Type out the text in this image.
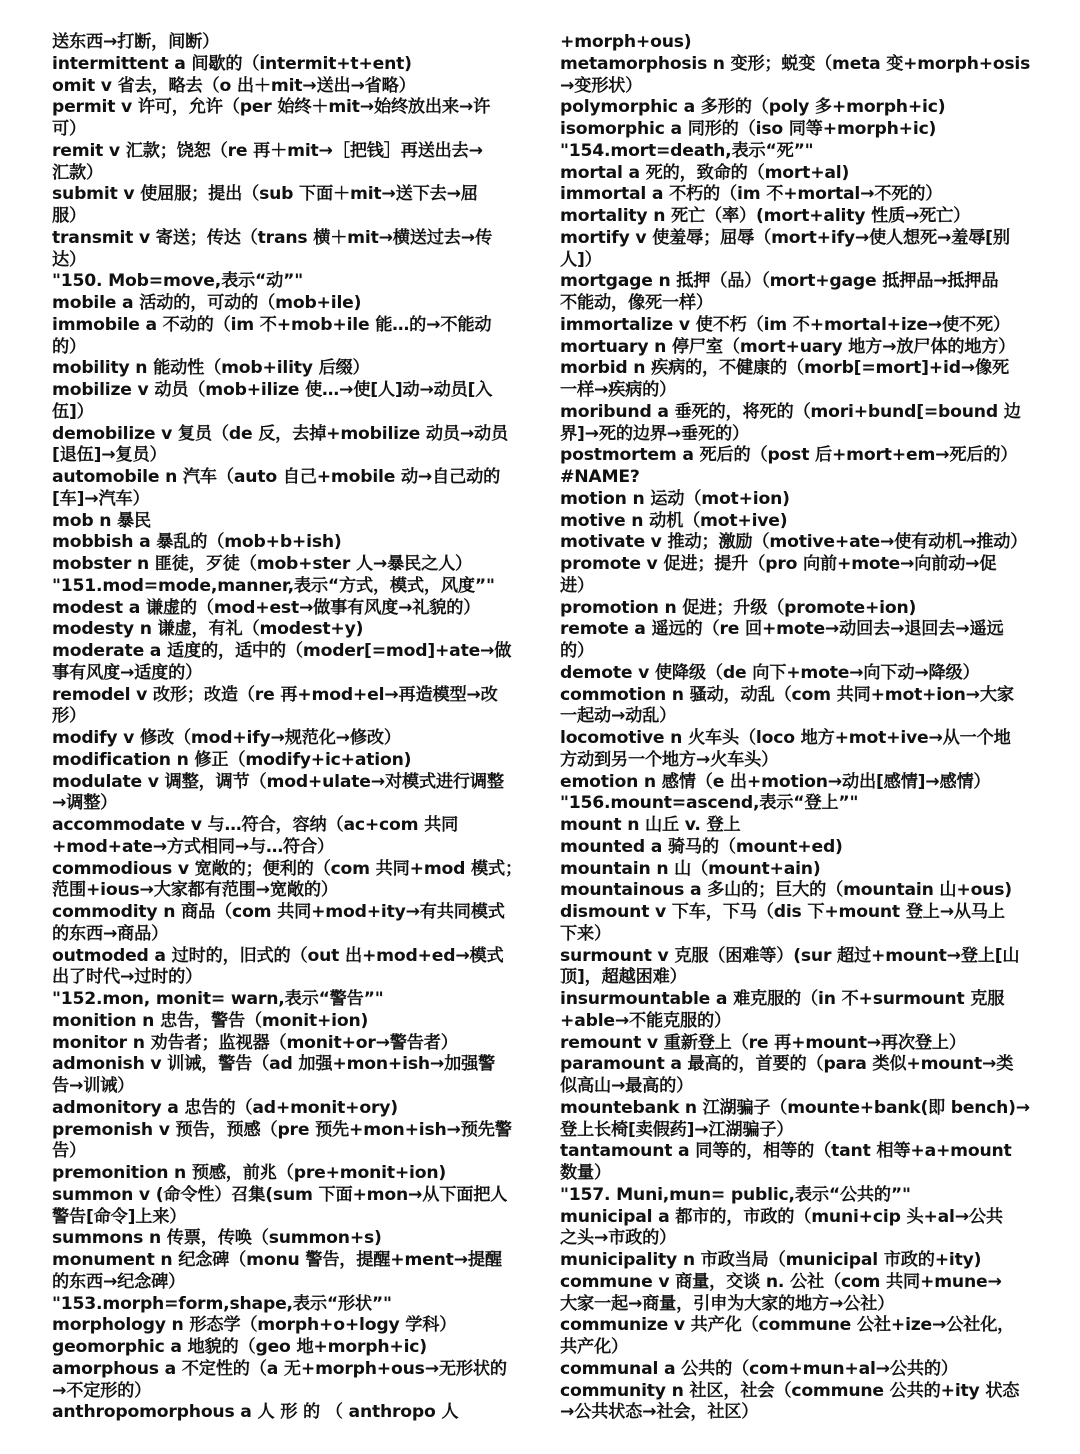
送东西→打断，间断）
intermittent a 间歇的（intermit+t+ent)
omit v 省去，略去（o 出＋mit→送出→省略）
permit v 许可，允许（per 始终＋mit→始终放出来→许
可）
remit v 汇款；饶恕（re 再＋mit→［把钱］再送出去→
汇款）
submit v 使屈服；提出（sub 下面＋mit→送下去→屈
服）
transmit v 寄送；传达（trans 横＋mit→横送过去→传
达）
"150. Mob=move,表示“动”"
mobile a 活动的，可动的（mob+ile)
immobile a 不动的（im 不+mob+ile 能…的→不能动
的）
mobility n 能动性（mob+ility 后缀）
mobilize v 动员（mob+ilize 使…→使[人]动→动员[入
伍]）
demobilize v 复员（de 反，去掉+mobilize 动员→动员
[退伍]→复员）
automobile n 汽车（auto 自己+mobile 动→自己动的
[车]→汽车）
mob n 暴民
mobbish a 暴乱的（mob+b+ish)
mobster n 匪徒，歹徒（mob+ster 人→暴民之人）
"151.mod=mode,manner,表示“方式，模式，风度”"
modest a 谦虚的（mod+est→做事有风度→礼貌的）
modesty n 谦虚，有礼（modest+y)
moderate a 适度的，适中的（moder[=mod]+ate→做
事有风度→适度的）
remodel v 改形；改造（re 再+mod+el→再造模型→改
形）
modify v 修改（mod+ify→规范化→修改）
modification n 修正（modify+ic+ation)
modulate v 调整，调节（mod+ulate→对模式进行调整
→调整）
accommodate v 与…符合，容纳（ac+com 共同
+mod+ate→方式相同→与…符合）
commodious v 宽敞的；便利的（com 共同+mod 模式；
范围+ious→大家都有范围→宽敞的）
commodity n 商品（com 共同+mod+ity→有共同模式
的东西→商品）
outmoded a 过时的，旧式的（out 出+mod+ed→模式
出了时代→过时的）
"152.mon, monit= warn,表示“警告”"
monition n 忠告，警告（monit+ion)
monitor n 劝告者；监视器（monit+or→警告者）
admonish v 训诫，警告（ad 加强+mon+ish→加强警
告→训诫）
admonitory a 忠告的（ad+monit+ory)
premonish v 预告，预感（pre 预先+mon+ish→预先警
告）
premonition n 预感，前兆（pre+monit+ion)
summon v (命令性）召集(sum 下面+mon→从下面把人
警告[命令]上来）
summons n 传票，传唤（summon+s)
monument n 纪念碑（monu 警告，提醒+ment→提醒
的东西→纪念碑）
"153.morph=form,shape,表示“形状”"
morphology n 形态学（morph+o+logy 学科）
geomorphic a 地貌的（geo 地+morph+ic)
amorphous a 不定性的（a 无+morph+ous→无形状的
→不定形的）
anthropomorphous a 人 形 的 （ anthropo 人
+morph+ous)
metamorphosis n 变形；蜕变（meta 变+morph+osis
→变形状）
polymorphic a 多形的（poly 多+morph+ic)
isomorphic a 同形的（iso 同等+morph+ic)
"154.mort=death,表示“死”"
mortal a 死的，致命的（mort+al)
immortal a 不朽的（im 不+mortal→不死的）
mortality n 死亡（率）(mort+ality 性质→死亡）
mortify v 使羞辱；屈辱（mort+ify→使人想死→羞辱[别
人]）
mortgage n 抵押（品）（mort+gage 抵押品→抵押品
不能动，像死一样）
immortalize v 使不朽（im 不+mortal+ize→使不死）
mortuary n 停尸室（mort+uary 地方→放尸体的地方）
morbid n 疾病的，不健康的（morb[=mort]+id→像死
一样→疾病的）
moribund a 垂死的，将死的（mori+bund[=bound 边
界]→死的边界→垂死的）
postmortem a 死后的（post 后+mort+em→死后的）
#NAME?
motion n 运动（mot+ion)
motive n 动机（mot+ive)
motivate v 推动；激励（motive+ate→使有动机→推动）
promote v 促进；提升（pro 向前+mote→向前动→促
进）
promotion n 促进；升级（promote+ion)
remote a 遥远的（re 回+mote→动回去→退回去→遥远
的）
demote v 使降级（de 向下+mote→向下动→降级）
commotion n 骚动，动乱（com 共同+mot+ion→大家
一起动→动乱）
locomotive n 火车头（loco 地方+mot+ive→从一个地
方动到另一个地方→火车头）
emotion n 感情（e 出+motion→动出[感情]→感情）
"156.mount=ascend,表示“登上”"
mount n 山丘 v. 登上
mounted a 骑马的（mount+ed)
mountain n 山（mount+ain)
mountainous a 多山的；巨大的（mountain 山+ous)
dismount v 下车，下马（dis 下+mount 登上→从马上
下来）
surmount v 克服（困难等）(sur 超过+mount→登上[山
顶]，超越困难）
insurmountable a 难克服的（in 不+surmount 克服
+able→不能克服的）
remount v 重新登上（re 再+mount→再次登上）
paramount a 最高的，首要的（para 类似+mount→类
似高山→最高的）
mountebank n 江湖骗子（mounte+bank(即 bench)→
登上长椅[卖假药]→江湖骗子）
tantamount a 同等的，相等的（tant 相等+a+mount
数量）
"157. Muni,mun= public,表示“公共的”"
municipal a 都市的，市政的（muni+cip 头+al→公共
之头→市政的）
municipality n 市政当局（municipal 市政的+ity)
commune v 商量，交谈 n. 公社（com 共同+mune→
大家一起→商量，引申为大家的地方→公社）
communize v 共产化（commune 公社+ize→公社化，
共产化）
communal a 公共的（com+mun+al→公共的）
community n 社区，社会（commune 公共的+ity 状态
→公共状态→社会，社区）
